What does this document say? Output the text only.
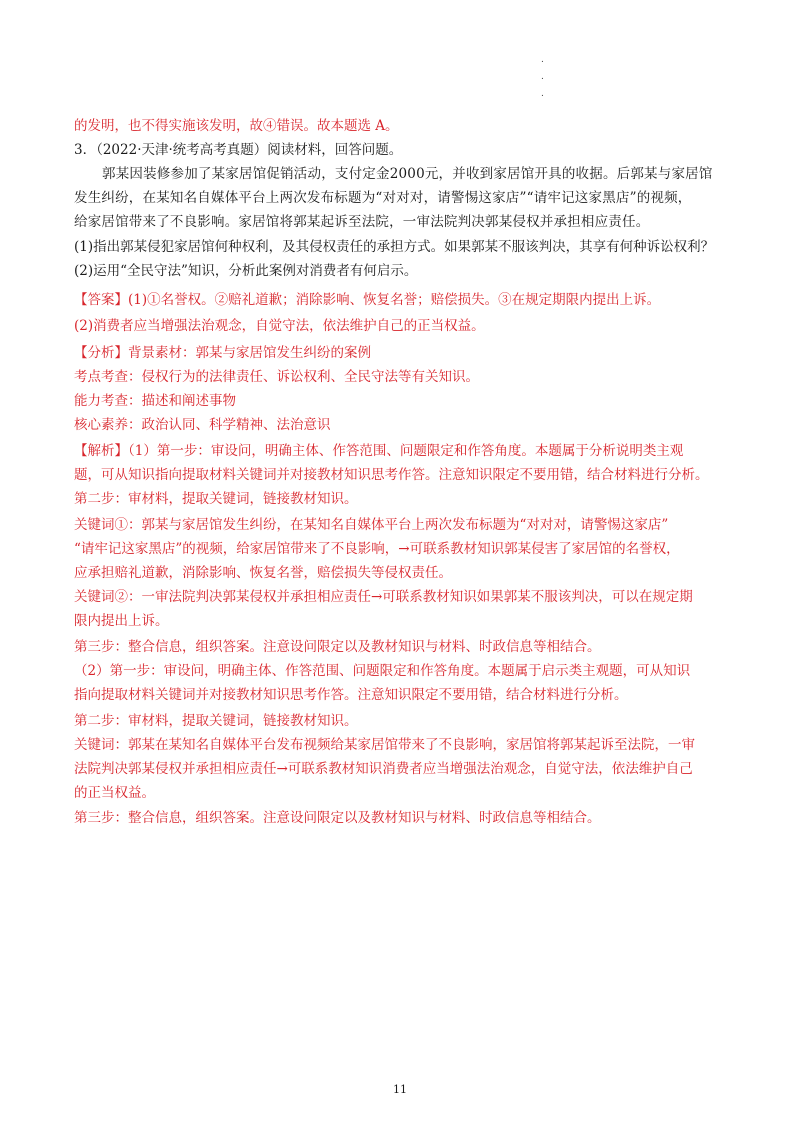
.
.
.
的发明，也不得实施该发明，故④错误。故本题选 A。
3．（2022·天津·统考高考真题）阅读材料，回答问题。
郭某因装修参加了某家居馆促销活动，支付定金2000元，并收到家居馆开具的收据。后郭某与家居馆
发生纠纷，在某知名自媒体平台上两次发布标题为“对对对，请警惕这家店”“请牢记这家黑店”的视频，
给家居馆带来了不良影响。家居馆将郭某起诉至法院，一审法院判决郭某侵权并承担相应责任。
(1)指出郭某侵犯家居馆何种权利，及其侵权责任的承担方式。如果郭某不服该判决，其享有何种诉讼权利？
(2)运用“全民守法”知识，分析此案例对消费者有何启示。
【答案】(1)①名誉权。②赔礼道歉；消除影响、恢复名誉；赔偿损失。③在规定期限内提出上诉。
(2)消费者应当增强法治观念，自觉守法，依法维护自己的正当权益。
【分析】背景素材：郭某与家居馆发生纠纷的案例
考点考查：侵权行为的法律责任、诉讼权利、全民守法等有关知识。
能力考查：描述和阐述事物
核心素养：政治认同、科学精神、法治意识
【解析】（1）第一步：审设问，明确主体、作答范围、问题限定和作答角度。本题属于分析说明类主观
题，可从知识指向提取材料关键词并对接教材知识思考作答。注意知识限定不要用错，结合材料进行分析。
第二步：审材料，提取关键词，链接教材知识。
关键词①：郭某与家居馆发生纠纷，在某知名自媒体平台上两次发布标题为“对对对，请警惕这家店”
“请牢记这家黑店”的视频，给家居馆带来了不良影响，→可联系教材知识郭某侵害了家居馆的名誉权，
应承担赔礼道歉，消除影响、恢复名誉，赔偿损失等侵权责任。
关键词②：一审法院判决郭某侵权并承担相应责任→可联系教材知识如果郭某不服该判决，可以在规定期
限内提出上诉。
第三步：整合信息，组织答案。注意设问限定以及教材知识与材料、时政信息等相结合。
（2）第一步：审设问，明确主体、作答范围、问题限定和作答角度。本题属于启示类主观题，可从知识
指向提取材料关键词并对接教材知识思考作答。注意知识限定不要用错，结合材料进行分析。
第二步：审材料，提取关键词，链接教材知识。
关键词：郭某在某知名自媒体平台发布视频给某家居馆带来了不良影响，家居馆将郭某起诉至法院，一审
法院判决郭某侵权并承担相应责任→可联系教材知识消费者应当增强法治观念，自觉守法，依法维护自己
的正当权益。
第三步：整合信息，组织答案。注意设问限定以及教材知识与材料、时政信息等相结合。
11
